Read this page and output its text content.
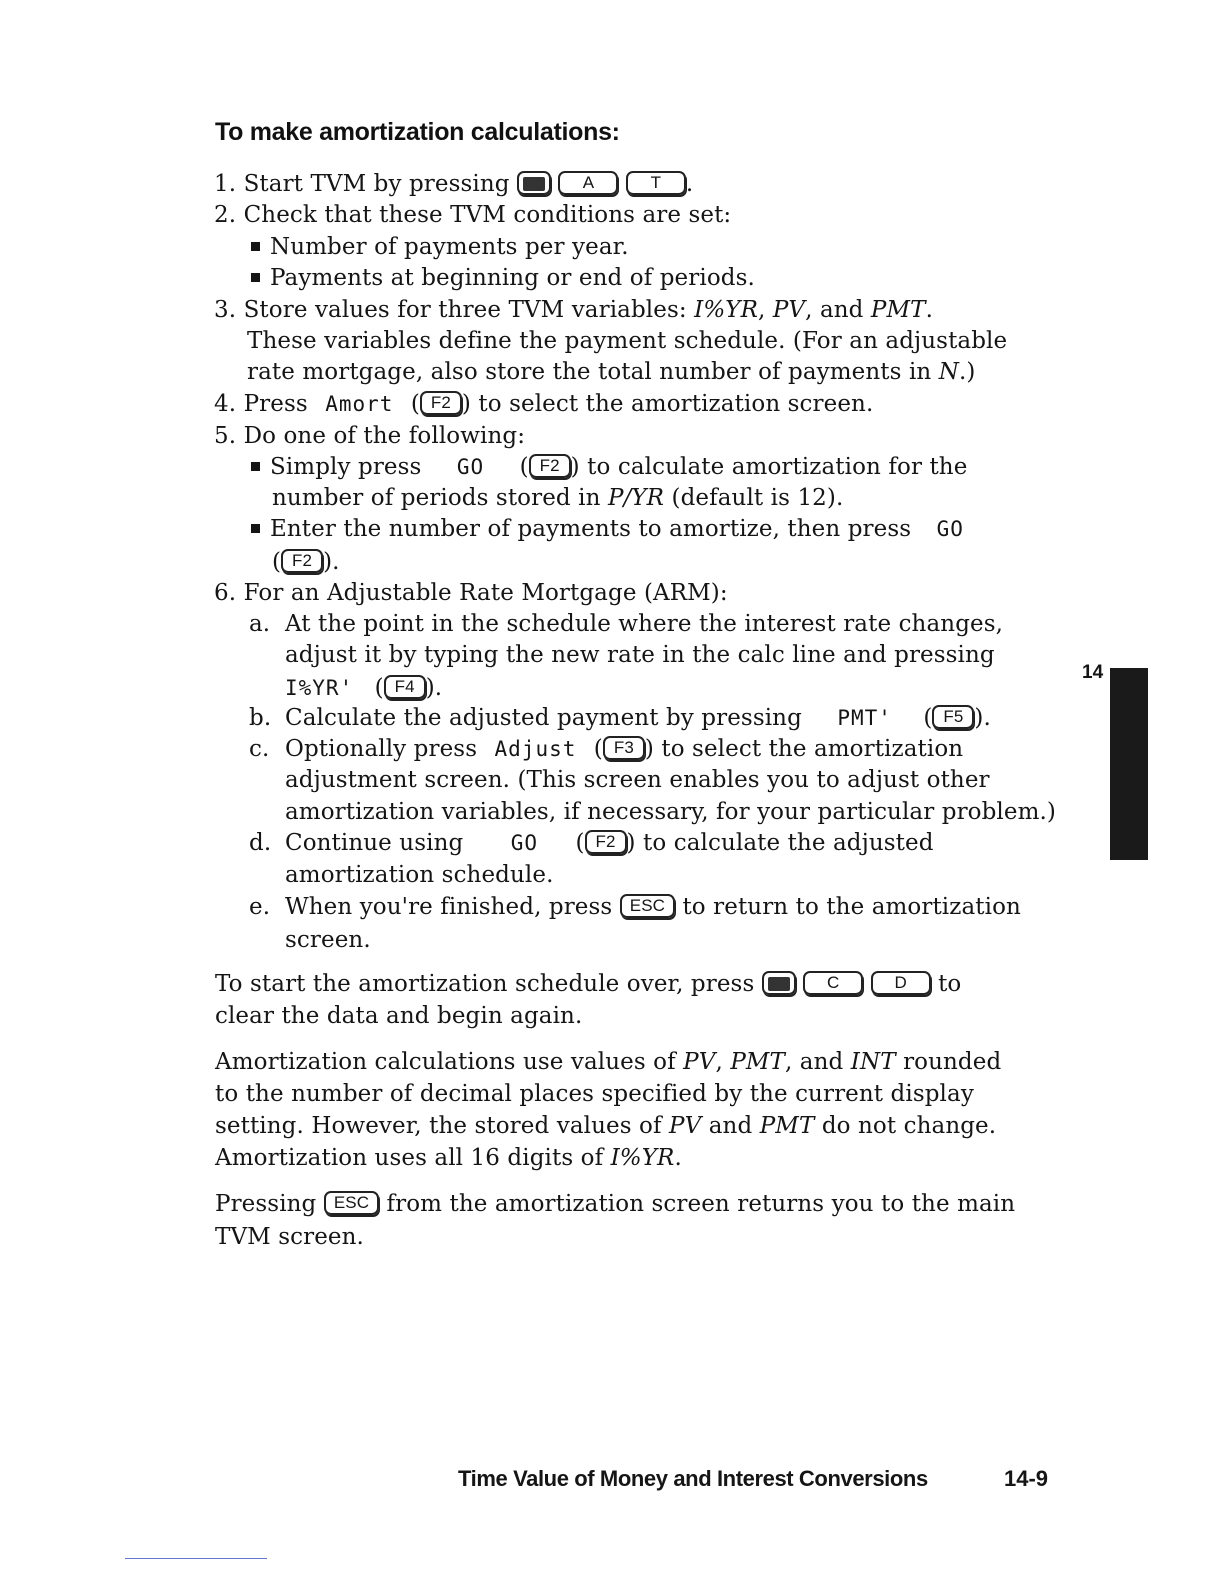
To make amortization calculations:
1. Start TVM by pressing	A	T .
2. Check that these TVM conditions are set:
Number of payments per year.
Payments at beginning or end of periods.
3. Store values for three TVM variables: I%YR, PV, and PMT.
These variables define the payment schedule. (For an adjustable
rate mortgage, also store the total number of payments in N.)
4. Press Amort ( F2 ) to select the amortization screen.
5. Do one of the following:
Simply press GO ( F2 ) to calculate amortization for the
number of periods stored in P/YR (default is 12).
Enter the number of payments to amortize, then press GO
( F2 ).
6. For an Adjustable Rate Mortgage (ARM):
a. At the point in the schedule where the interest rate changes,
adjust it by typing the new rate in the calc line and pressing
I%YR' ( F4 ).
b. Calculate the adjusted payment by pressing PMT' ( F5 ).
c. Optionally press Adjust ( F3 ) to select the amortization
adjustment screen. (This screen enables you to adjust other
amortization variables, if necessary, for your particular problem.)
d. Continue using GO ( F2 ) to calculate the adjusted
amortization schedule.
e. When you're finished, press ESC to return to the amortization
screen.
To start the amortization schedule over, press	C	D to
clear the data and begin again.
Amortization calculations use values of PV, PMT, and INT rounded
to the number of decimal places specified by the current display
setting. However, the stored values of PV and PMT do not change.
Amortization uses all 16 digits of I%YR.
Pressing ESC from the amortization screen returns you to the main
TVM screen.
14
Time Value of Money and Interest Conversions	14-9
